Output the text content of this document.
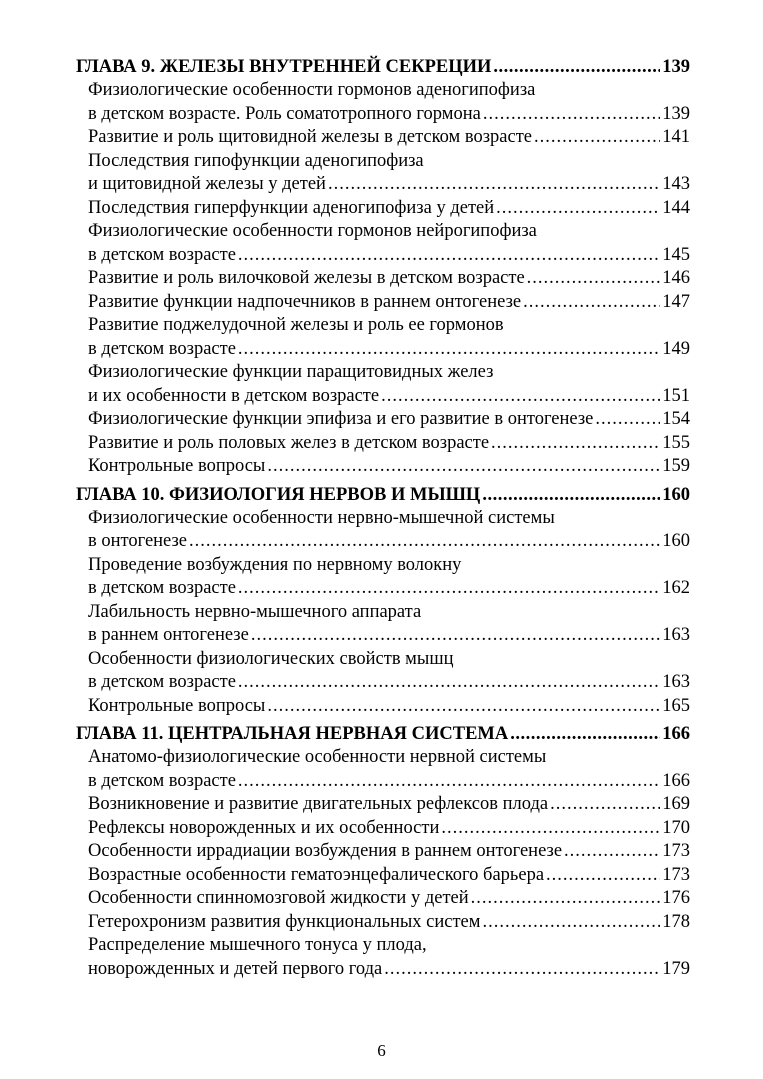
ГЛАВА 9. ЖЕЛЕЗЫ ВНУТРЕННЕЙ СЕКРЕЦИИ .....	139
Физиологические особенности гормонов аденогипофиза
в детском возрасте. Роль соматотропного гормона .....	139
Развитие и роль щитовидной железы в детском возрасте .....	141
Последствия гипофункции аденогипофиза
и щитовидной железы у детей .....	143
Последствия гиперфункции аденогипофиза у детей .....	144
Физиологические особенности гормонов нейрогипофиза
в детском возрасте .....	145
Развитие и роль вилочковой железы в детском возрасте .....	146
Развитие функции надпочечников в раннем онтогенезе .....	147
Развитие поджелудочной железы и роль ее гормонов
в детском возрасте .....	149
Физиологические функции паращитовидных желез
и их особенности в детском возрасте .....	151
Физиологические функции эпифиза и его развитие в онтогенезе .....	154
Развитие и роль половых желез в детском возрасте .....	155
Контрольные вопросы .....	159
ГЛАВА 10. ФИЗИОЛОГИЯ НЕРВОВ И МЫШЦ .....	160
Физиологические особенности нервно-мышечной системы
в онтогенезе .....	160
Проведение возбуждения по нервному волокну
в детском возрасте .....	162
Лабильность нервно-мышечного аппарата
в раннем онтогенезе .....	163
Особенности физиологических свойств мышц
в детском возрасте .....	163
Контрольные вопросы .....	165
ГЛАВА 11. ЦЕНТРАЛЬНАЯ НЕРВНАЯ СИСТЕМА .....	166
Анатомо-физиологические особенности нервной системы
в детском возрасте .....	166
Возникновение и развитие двигательных рефлексов плода .....	169
Рефлексы новорожденных и их особенности .....	170
Особенности иррадиации возбуждения в раннем онтогенезе .....	173
Возрастные особенности гематоэнцефалического барьера .....	173
Особенности спинномозговой жидкости у детей .....	176
Гетерохронизм развития функциональных систем .....	178
Распределение мышечного тонуса у плода,
новорожденных и детей первого года .....	179
6
